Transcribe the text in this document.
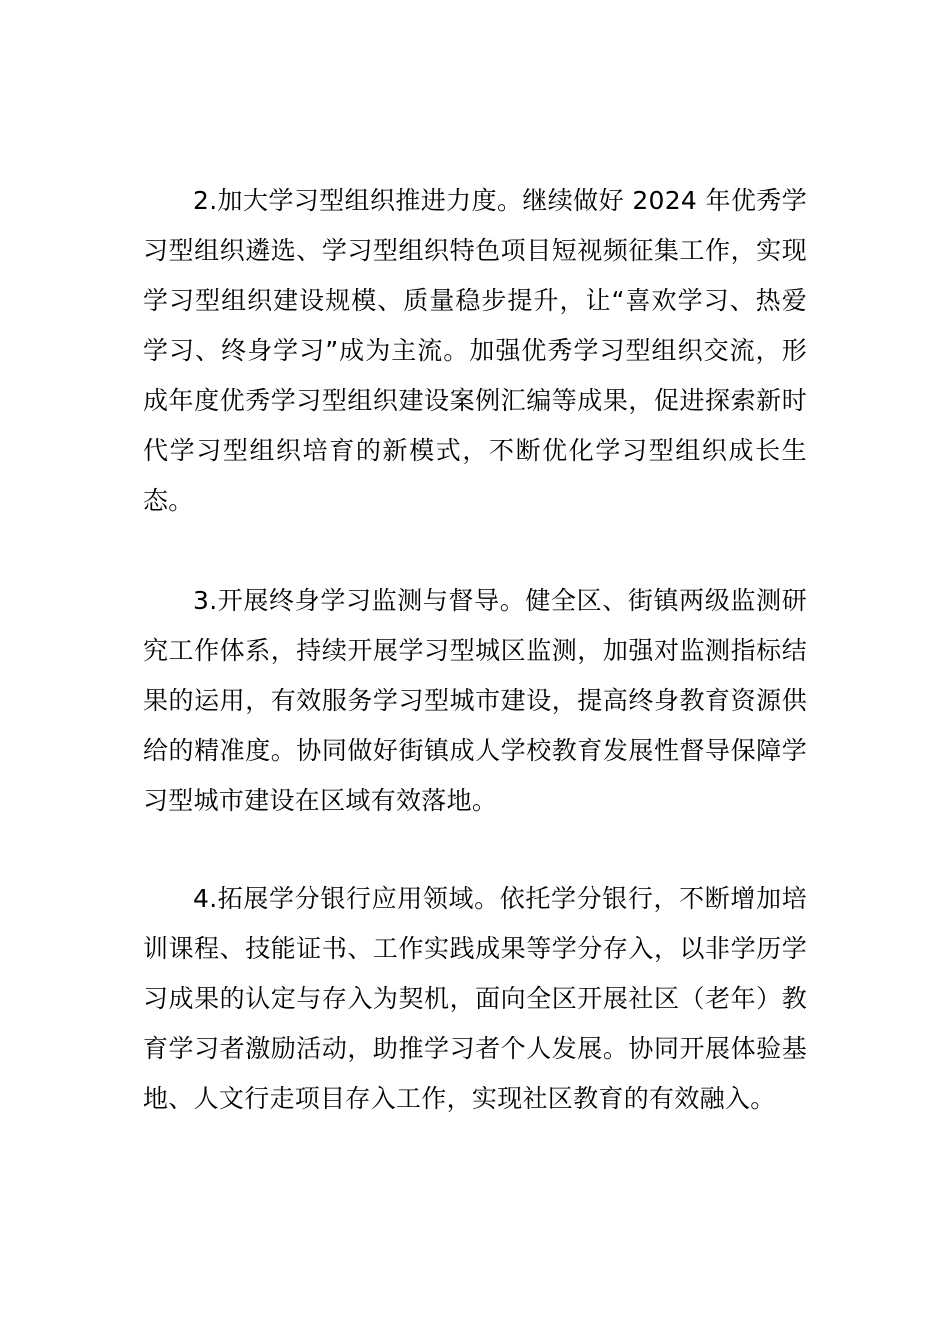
2.加大学习型组织推进力度。继续做好 2024 年优秀学习型组织遴选、学习型组织特色项目短视频征集工作，实现学习型组织建设规模、质量稳步提升，让“喜欢学习、热爱学习、终身学习”成为主流。加强优秀学习型组织交流，形成年度优秀学习型组织建设案例汇编等成果，促进探索新时代学习型组织培育的新模式，不断优化学习型组织成长生态。

3.开展终身学习监测与督导。健全区、街镇两级监测研究工作体系，持续开展学习型城区监测，加强对监测指标结果的运用，有效服务学习型城市建设，提高终身教育资源供给的精准度。协同做好街镇成人学校教育发展性督导保障学习型城市建设在区域有效落地。

4.拓展学分银行应用领域。依托学分银行，不断增加培训课程、技能证书、工作实践成果等学分存入，以非学历学习成果的认定与存入为契机，面向全区开展社区（老年）教育学习者激励活动，助推学习者个人发展。协同开展体验基地、人文行走项目存入工作，实现社区教育的有效融入。
